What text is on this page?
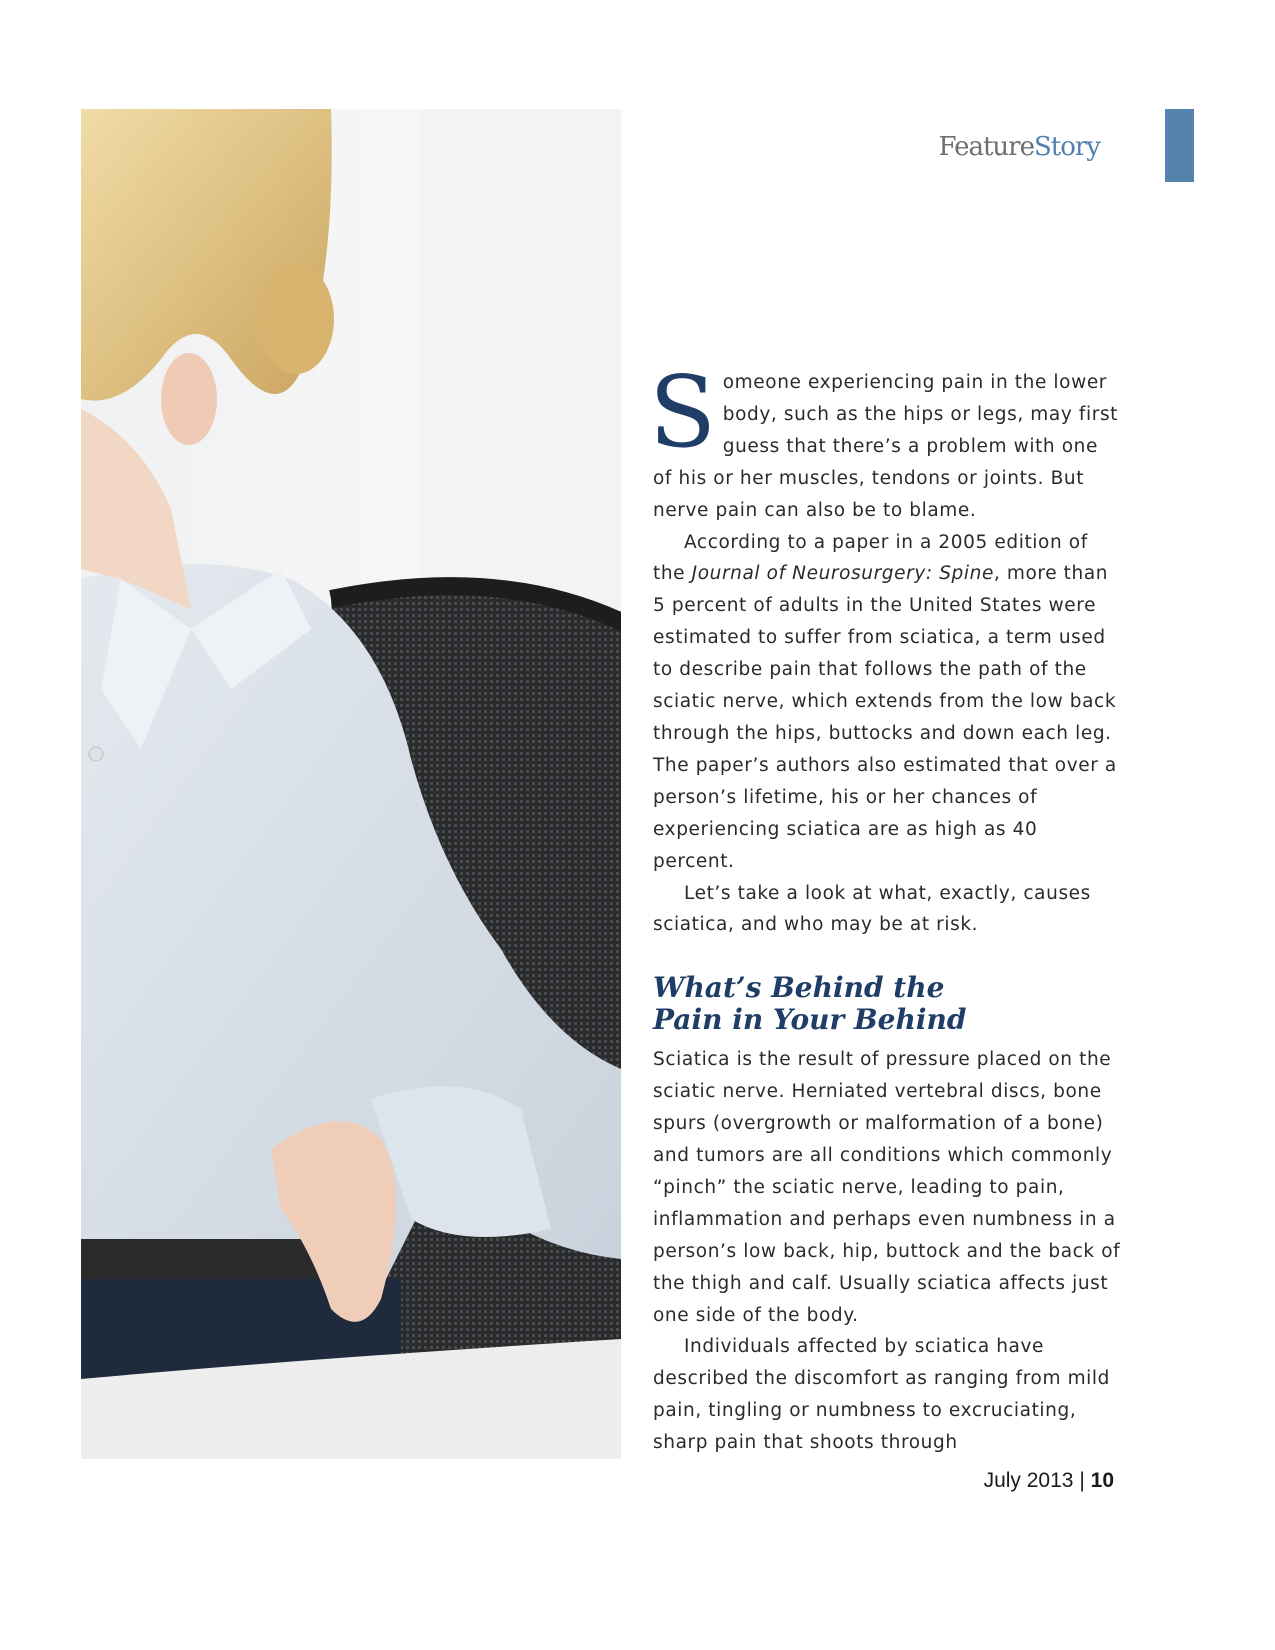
FeatureStory

Someone experiencing pain in the lower body, such as the hips or legs, may first guess that there’s a problem with one of his or her muscles, tendons or joints. But nerve pain can also be to blame.

According to a paper in a 2005 edition of the Journal of Neurosurgery: Spine, more than 5 percent of adults in the United States were estimated to suffer from sciatica, a term used to describe pain that follows the path of the sciatic nerve, which extends from the low back through the hips, buttocks and down each leg. The paper’s authors also estimated that over a person’s lifetime, his or her chances of experiencing sciatica are as high as 40 percent.

Let’s take a look at what, exactly, causes sciatica, and who may be at risk.

What’s Behind the
Pain in Your Behind

Sciatica is the result of pressure placed on the sciatic nerve. Herniated vertebral discs, bone spurs (overgrowth or malformation of a bone) and tumors are all conditions which commonly “pinch” the sciatic nerve, leading to pain, inflammation and perhaps even numbness in a person’s low back, hip, buttock and the back of the thigh and calf. Usually sciatica affects just one side of the body.

Individuals affected by sciatica have described the discomfort as ranging from mild pain, tingling or numbness to excruciating, sharp pain that shoots through

July 2013 | 10
